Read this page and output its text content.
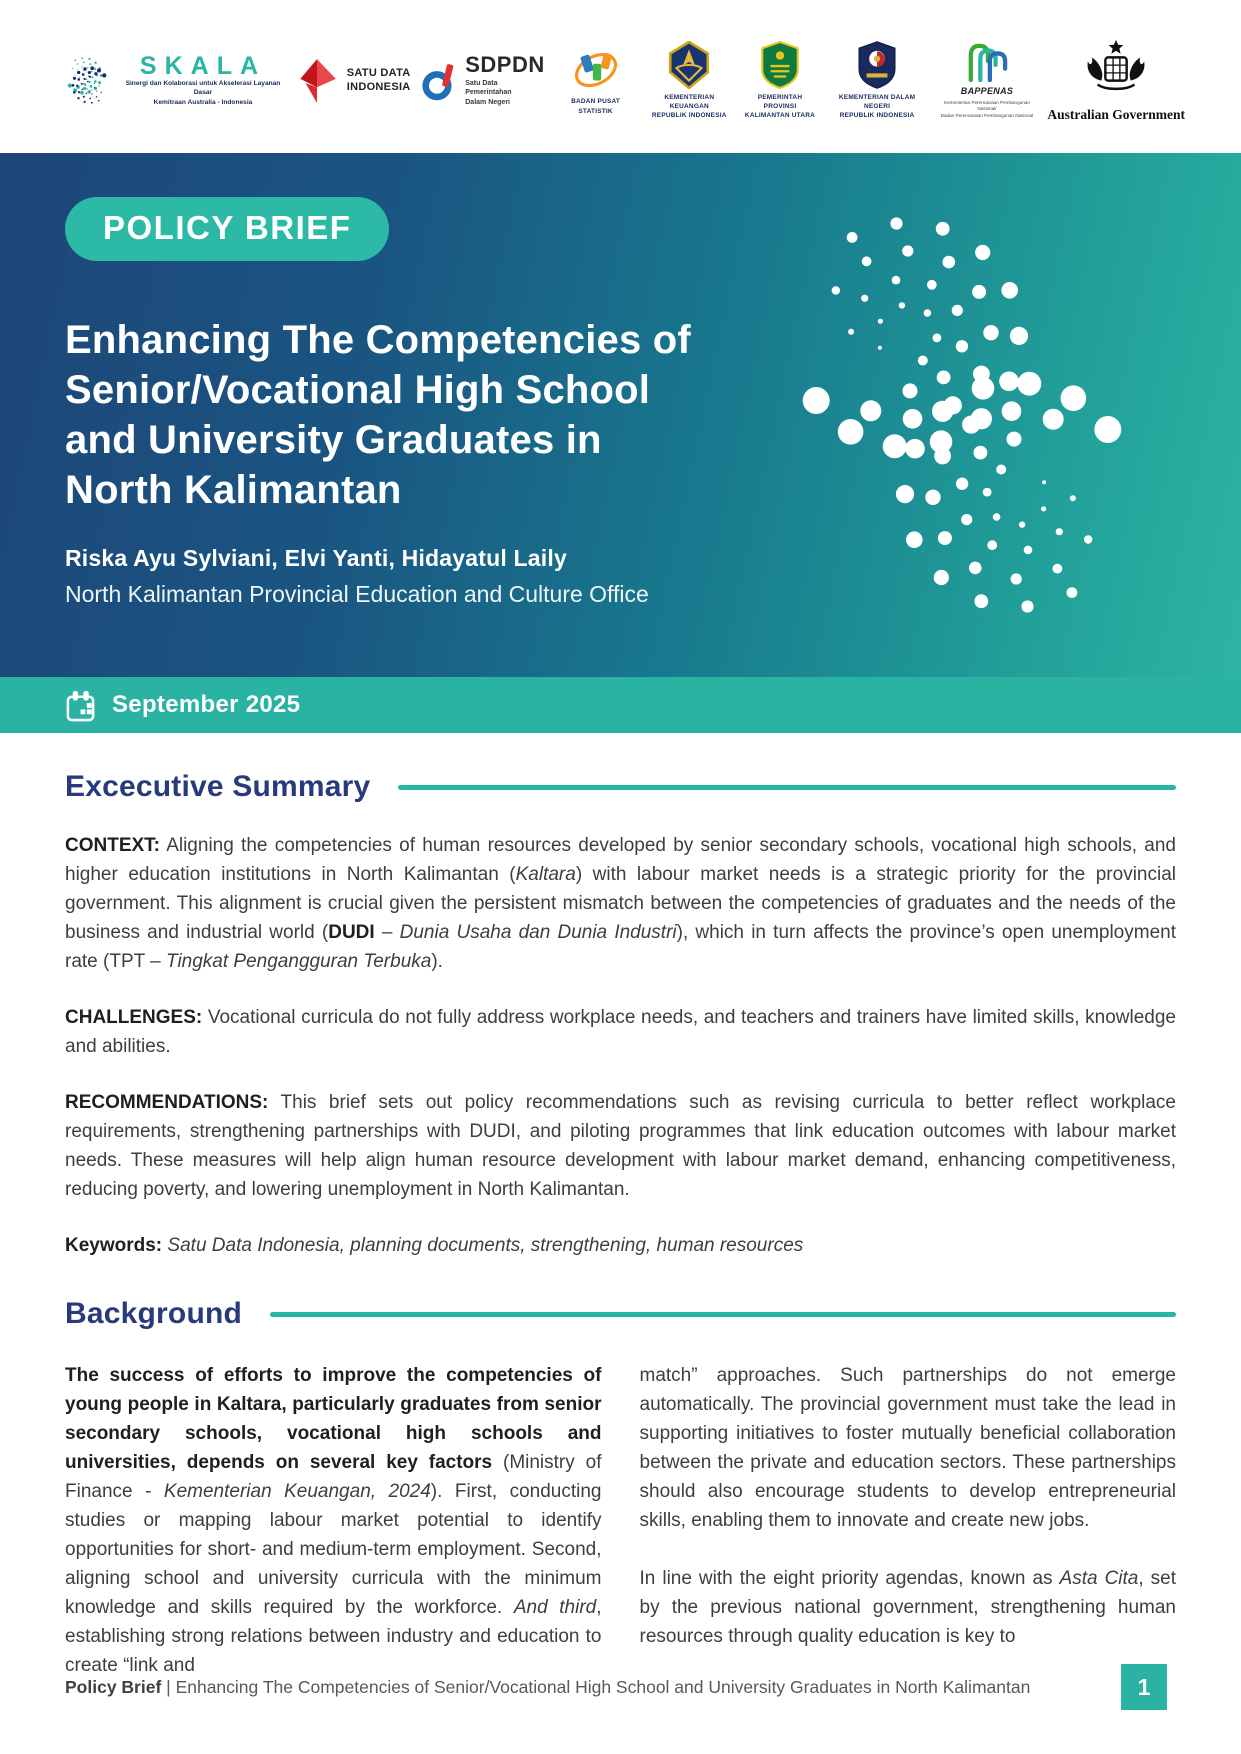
SKALA
Sinergi dan Kolaborasi untuk Akselerasi Layanan Dasar
Kemitraan Australia - Indonesia
SATU DATA
INDONESIA
SDPDN
Satu Data Pemerintahan
Dalam Negeri	BADAN PUSAT STATISTIK
KEMENTERIAN KEUANGAN
REPUBLIK INDONESIA
PEMERINTAH PROVINSI
KALIMANTAN UTARA
KEMENTERIAN DALAM NEGERI
REPUBLIK INDONESIA
BAPPENAS
Kementerian Perencanaan Pembangunan Nasional/
Badan Perencanaan Pembangunan Nasional	Australian Government
POLICY BRIEF
Enhancing The Competencies of
Senior/Vocational High School
and University Graduates in
North Kalimantan
Riska Ayu Sylviani, Elvi Yanti, Hidayatul Laily
North Kalimantan Provincial Education and Culture Office
September 2025
Excecutive Summary

CONTEXT: Aligning the competencies of human resources developed by senior secondary schools, vocational high schools, and higher education institutions in North Kalimantan (Kaltara) with labour market needs is a strategic priority for the provincial government. This alignment is crucial given the persistent mismatch between the competencies of graduates and the needs of the business and industrial world (DUDI – Dunia Usaha dan Dunia Industri), which in turn affects the province’s open unemployment rate (TPT – Tingkat Pengangguran Terbuka).

CHALLENGES: Vocational curricula do not fully address workplace needs, and teachers and trainers have limited skills, knowledge and abilities.

RECOMMENDATIONS: This brief sets out policy recommendations such as revising curricula to better reflect workplace requirements, strengthening partnerships with DUDI, and piloting programmes that link education outcomes with labour market needs. These measures will help align human resource development with labour market demand, enhancing competitiveness, reducing poverty, and lowering unemployment in North Kalimantan.

Keywords: Satu Data Indonesia, planning documents, strengthening, human resources

Background

The success of efforts to improve the competencies of young people in Kaltara, particularly graduates from senior secondary schools, vocational high schools and universities, depends on several key factors (Ministry of Finance - Kementerian Keuangan, 2024). First, conducting studies or mapping labour market potential to identify opportunities for short- and medium-term employment. Second, aligning school and university curricula with the minimum knowledge and skills required by the workforce. And third, establishing strong relations between industry and education to create “link and

match” approaches. Such partnerships do not emerge automatically. The provincial government must take the lead in supporting initiatives to foster mutually beneficial collaboration between the private and education sectors. These partnerships should also encourage students to develop entrepreneurial skills, enabling them to innovate and create new jobs.

In line with the eight priority agendas, known as Asta Cita, set by the previous national government, strengthening human resources through quality education is key to

Policy Brief | Enhancing The Competencies of Senior/Vocational High School and University Graduates in North Kalimantan	1
